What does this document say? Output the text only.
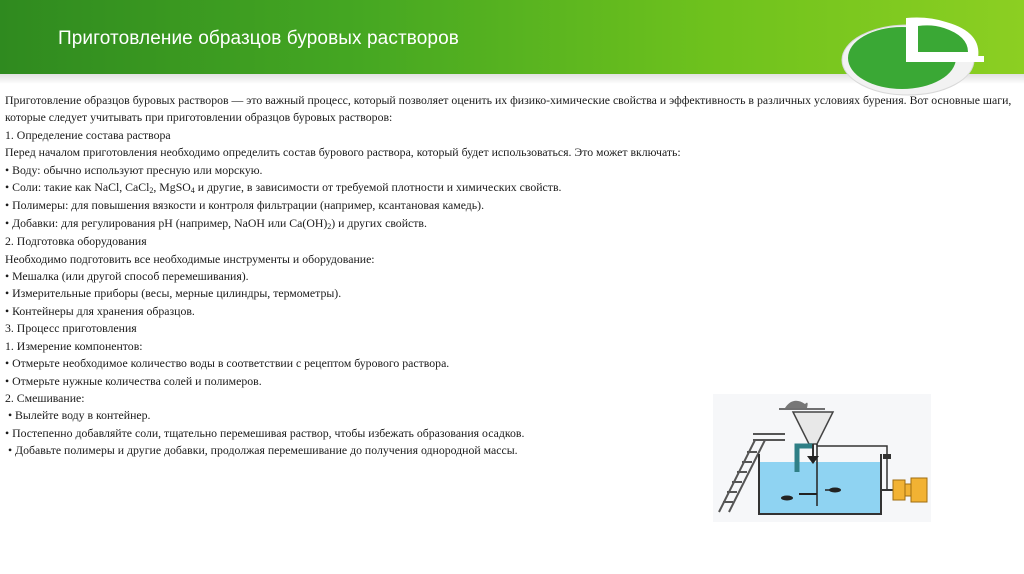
Приготовление образцов буровых растворов

Приготовление образцов буровых растворов — это важный процесс, который позволяет оценить их физико-химические свойства и эффективность в различных условиях бурения. Вот основные шаги, которые следует учитывать при приготовлении образцов буровых растворов:

1. Определение состава раствора

Перед началом приготовления необходимо определить состав бурового раствора, который будет использоваться. Это может включать:

• Воду: обычно используют пресную или морскую.

• Соли: такие как NaCl, CaCl$_2$, MgSO$_4$ и другие, в зависимости от требуемой плотности и химических свойств.

• Полимеры: для повышения вязкости и контроля фильтрации (например, ксантановая камедь).

• Добавки: для регулирования pH (например, NaOH или $Ca(OH)_2$) и других свойств.

2. Подготовка оборудования

Необходимо подготовить все необходимые инструменты и оборудование:

• Мешалка (или другой способ перемешивания).

• Измерительные приборы (весы, мерные цилиндры, термометры).

• Контейнеры для хранения образцов.

3. Процесс приготовления

1. Измерение компонентов:

• Отмерьте необходимое количество воды в соответствии с рецептом бурового раствора.

• Отмерьте нужные количества солей и полимеров.

2. Смешивание:

• Вылейте воду в контейнер.

• Постепенно добавляйте соли, тщательно перемешивая раствор, чтобы избежать образования осадков.

• Добавьте полимеры и другие добавки, продолжая перемешивание до получения однородной массы.
